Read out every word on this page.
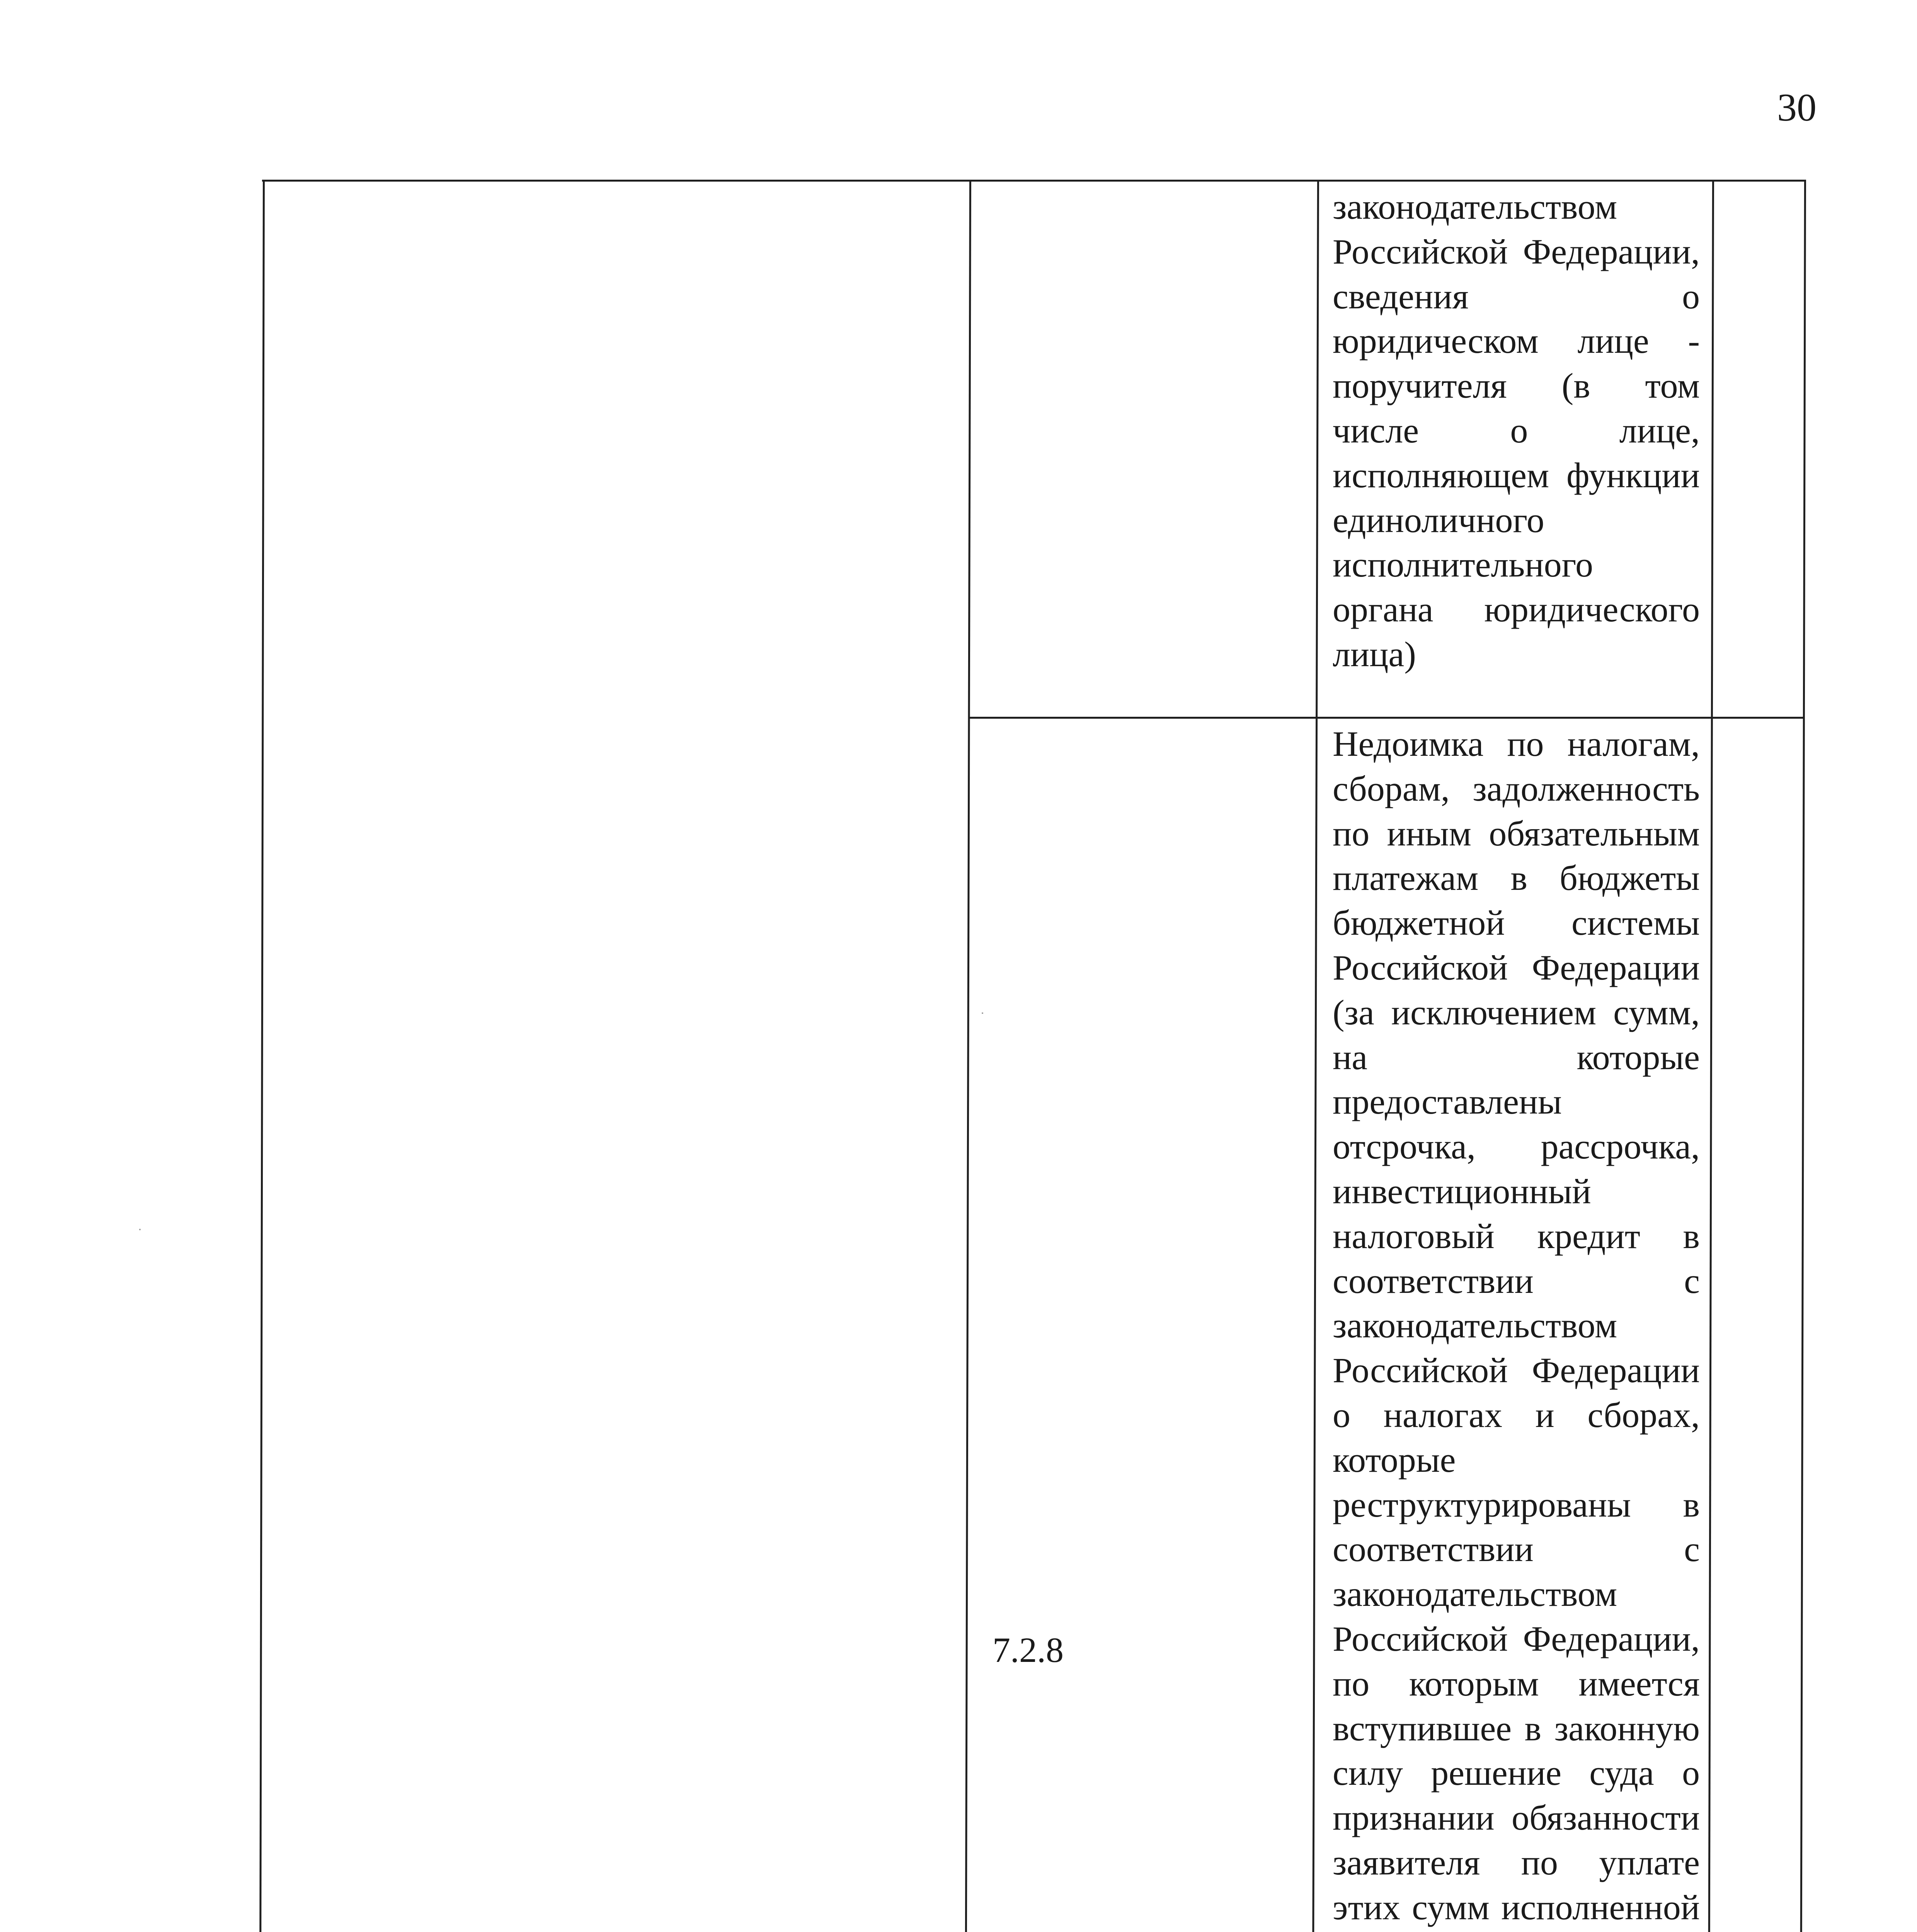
30

законодательством Российской Федерации, сведения о юридическом лице - поручителя (в том числе о лице, исполняющем функции единоличного исполнительного органа юридического лица)

7.2.8

Недоимка по налогам, сборам, задолженность по иным обязательным платежам в бюджеты бюджетной системы Российской Федерации (за исключением сумм, на которые предоставлены отсрочка, рассрочка, инвестиционный налоговый кредит в соответствии с законодательством Российской Федерации о налогах и сборах, которые реструктурированы в соответствии с законодательством Российской Федерации, по которым имеется вступившее в законную силу решение суда о признании обязанности заявителя по уплате этих сумм исполненной
